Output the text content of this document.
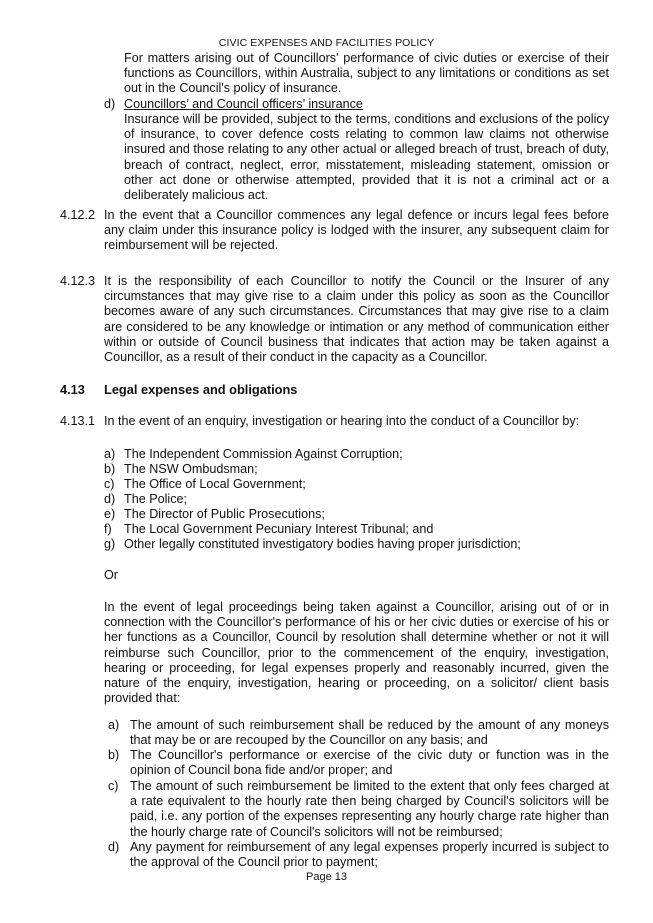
CIVIC EXPENSES AND FACILITIES POLICY
For matters arising out of Councillors' performance of civic duties or exercise of their functions as Councillors, within Australia, subject to any limitations or conditions as set out in the Council's policy of insurance.
d) Councillors’ and Council officers’ insurance
Insurance will be provided, subject to the terms, conditions and exclusions of the policy of insurance, to cover defence costs relating to common law claims not otherwise insured and those relating to any other actual or alleged breach of trust, breach of duty, breach of contract, neglect, error, misstatement, misleading statement, omission or other act done or otherwise attempted, provided that it is not a criminal act or a deliberately malicious act.
4.12.2 In the event that a Councillor commences any legal defence or incurs legal fees before any claim under this insurance policy is lodged with the insurer, any subsequent claim for reimbursement will be rejected.
4.12.3 It is the responsibility of each Councillor to notify the Council or the Insurer of any circumstances that may give rise to a claim under this policy as soon as the Councillor becomes aware of any such circumstances. Circumstances that may give rise to a claim are considered to be any knowledge or intimation or any method of communication either within or outside of Council business that indicates that action may be taken against a Councillor, as a result of their conduct in the capacity as a Councillor.
4.13 Legal expenses and obligations
4.13.1 In the event of an enquiry, investigation or hearing into the conduct of a Councillor by:
a) The Independent Commission Against Corruption;
b) The NSW Ombudsman;
c) The Office of Local Government;
d) The Police;
e) The Director of Public Prosecutions;
f) The Local Government Pecuniary Interest Tribunal; and
g) Other legally constituted investigatory bodies having proper jurisdiction;
Or
In the event of legal proceedings being taken against a Councillor, arising out of or in connection with the Councillor's performance of his or her civic duties or exercise of his or her functions as a Councillor, Council by resolution shall determine whether or not it will reimburse such Councillor, prior to the commencement of the enquiry, investigation, hearing or proceeding, for legal expenses properly and reasonably incurred, given the nature of the enquiry, investigation, hearing or proceeding, on a solicitor/ client basis provided that:
a) The amount of such reimbursement shall be reduced by the amount of any moneys that may be or are recouped by the Councillor on any basis; and
b) The Councillor's performance or exercise of the civic duty or function was in the opinion of Council bona fide and/or proper; and
c) The amount of such reimbursement be limited to the extent that only fees charged at a rate equivalent to the hourly rate then being charged by Council's solicitors will be paid, i.e. any portion of the expenses representing any hourly charge rate higher than the hourly charge rate of Council's solicitors will not be reimbursed;
d) Any payment for reimbursement of any legal expenses properly incurred is subject to the approval of the Council prior to payment;
Page 13
